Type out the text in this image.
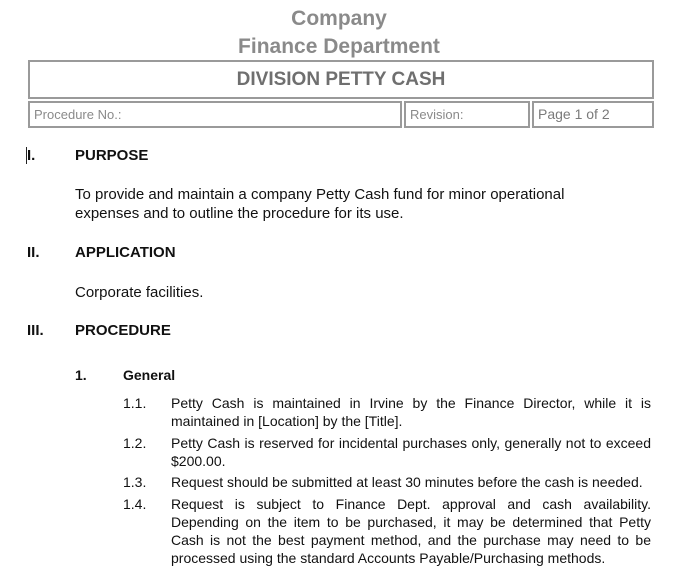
Company
Finance Department
DIVISION PETTY CASH
Procedure No.:	Revision:	Page 1 of 2
I.	PURPOSE
To provide and maintain a company Petty Cash fund for minor operational
expenses and to outline the procedure for its use.
II. APPLICATION
Corporate facilities.
III. PROCEDURE
1.	General
1.1. Petty Cash is maintained in Irvine by the Finance Director, while it is maintained in [Location] by the [Title].
1.2. Petty Cash is reserved for incidental purchases only, generally not to exceed $200.00.
1.3. Request should be submitted at least 30 minutes before the cash is needed.
1.4. Request is subject to Finance Dept. approval and cash availability. Depending on the item to be purchased, it may be determined that Petty Cash is not the best payment method, and the purchase may need to be processed using the standard Accounts Payable/Purchasing methods.
